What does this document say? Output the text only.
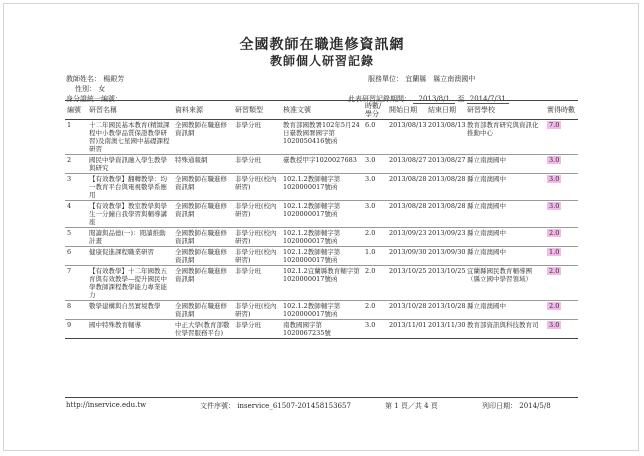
全國教師在職進修資訊網
教師個人研習記錄
教師姓名： 楊銀芳	服務單位： 宜蘭縣　縣立南澳國中
性別： 女
身分證統一編號：	此表研習記錄期間： 2013/8/1 至 2014/7/31
編號	研習名稱	資料來源	研習類型	核准文號	時數/學分	開始日期	結束日期	研習學校	實得時數
1	十二年國民基本教育(精緻課程中小教學品質保證教學研習)及南澳七星國中基礎課程研習	全國教師在職進修資訊網	非學分班	教育部國教署102年5月24日臺教國署國字第1020050416號函	6.0	2013/08/13	2013/08/13	教育部教育研究與資訊化推動中心	7.0
2	國民中學資訊融入學生教學與研究	特殊通報網	非學分班	臺教授甲字1020027683	3.0	2013/08/27	2013/08/27	縣立南澳國中	3.0
3	【有效教學】翻轉教學：均一教育平台與電視數學系應用	全國教師在職進修資訊網	非學分班(校內研習)	102.1.2教師輔字第1020000017號函	3.0	2013/08/28	2013/08/28	縣立南澳國中	3.0
4	【有效教學】教室教學與學生一分鐘自我學習與輔導講座	全國教師在職進修資訊網	非學分班(校內研習)	102.1.2教師輔字第1020000017號函	3.0	2013/08/28	2013/08/28	縣立南澳國中	3.0
5	閱讀與品德(一)：閱讀推動計畫	全國教師在職進修資訊網	非學分班(校內研習)	102.1.2教師輔字第1020000017號函	2.0	2013/09/23	2013/09/23	縣立南澳國中	2.0
6	健康促進課程職業研習	全國教師在職進修資訊網	非學分班(校內研習)	102.1.2教師輔字第1020000017號函	1.0	2013/09/30	2013/09/30	縣立南澳國中	1.0
7	【有效教學】十二年國教五育與有效教學—提升國民中學教師課程教學能力專業能力	全國教師在職進修資訊網	非學分班	102.1.2宜蘭縣教育輔字第1020000017號函	2.0	2013/10/25	2013/10/25	宜蘭縣國民教育輔導團（縣立國中學習領域）	2.0
8	數學建構與自然實境教學	全國教師在職進修資訊網	非學分班(校內研習)	102.1.2教師輔字第1020000017號函	2.0	2013/10/28	2013/10/28	縣立南澳國中	2.0
9	國中特殊教育輔導	中正大學(教育部數位學習服務平台)	非學分班	南教國國字第1020067235號	3.0	2013/11/01	2013/11/30	教育部資訊與科技教育司	3.0
http://inservice.edu.tw	文件序號： inservice_61507-201458153657	第 1 頁／共 4 頁	列印日期： 2014/5/8
